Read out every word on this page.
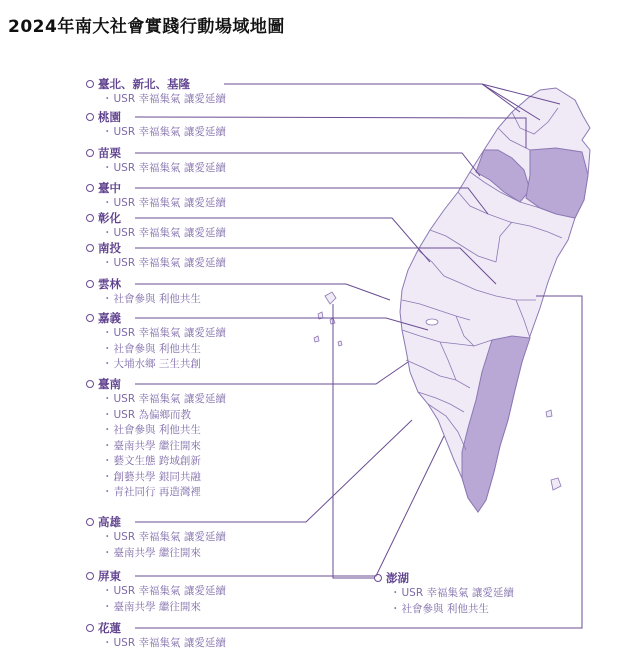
2024年南大社會實踐行動場域地圖
臺北、新北、基隆
・ USR 幸福集氣 讓愛延續
桃園
・ USR 幸福集氣 讓愛延續
苗栗
・ USR 幸福集氣 讓愛延續
臺中
・ USR 幸福集氣 讓愛延續
彰化
・ USR 幸福集氣 讓愛延續
南投
・ USR 幸福集氣 讓愛延續
雲林
・ 社會參與 利他共生
嘉義
・ USR 幸福集氣 讓愛延續
・ 社會參與 利他共生
・ 大埔水鄉 三生共創
臺南
・ USR 幸福集氣 讓愛延續
・ USR 為偏鄉而教
・ 社會參與 利他共生
・ 臺南共學 繼往開來
・ 藝文生態 跨域創新
・ 創藝共學 銀同共融
・ 青社同行 再造灣裡
高雄
・ USR 幸福集氣 讓愛延續
・ 臺南共學 繼往開來
屏東
・ USR 幸福集氣 讓愛延續
・ 臺南共學 繼往開來
花蓮
・ USR 幸福集氣 讓愛延續
澎湖
・ USR 幸福集氣 讓愛延續
・ 社會參與 利他共生
